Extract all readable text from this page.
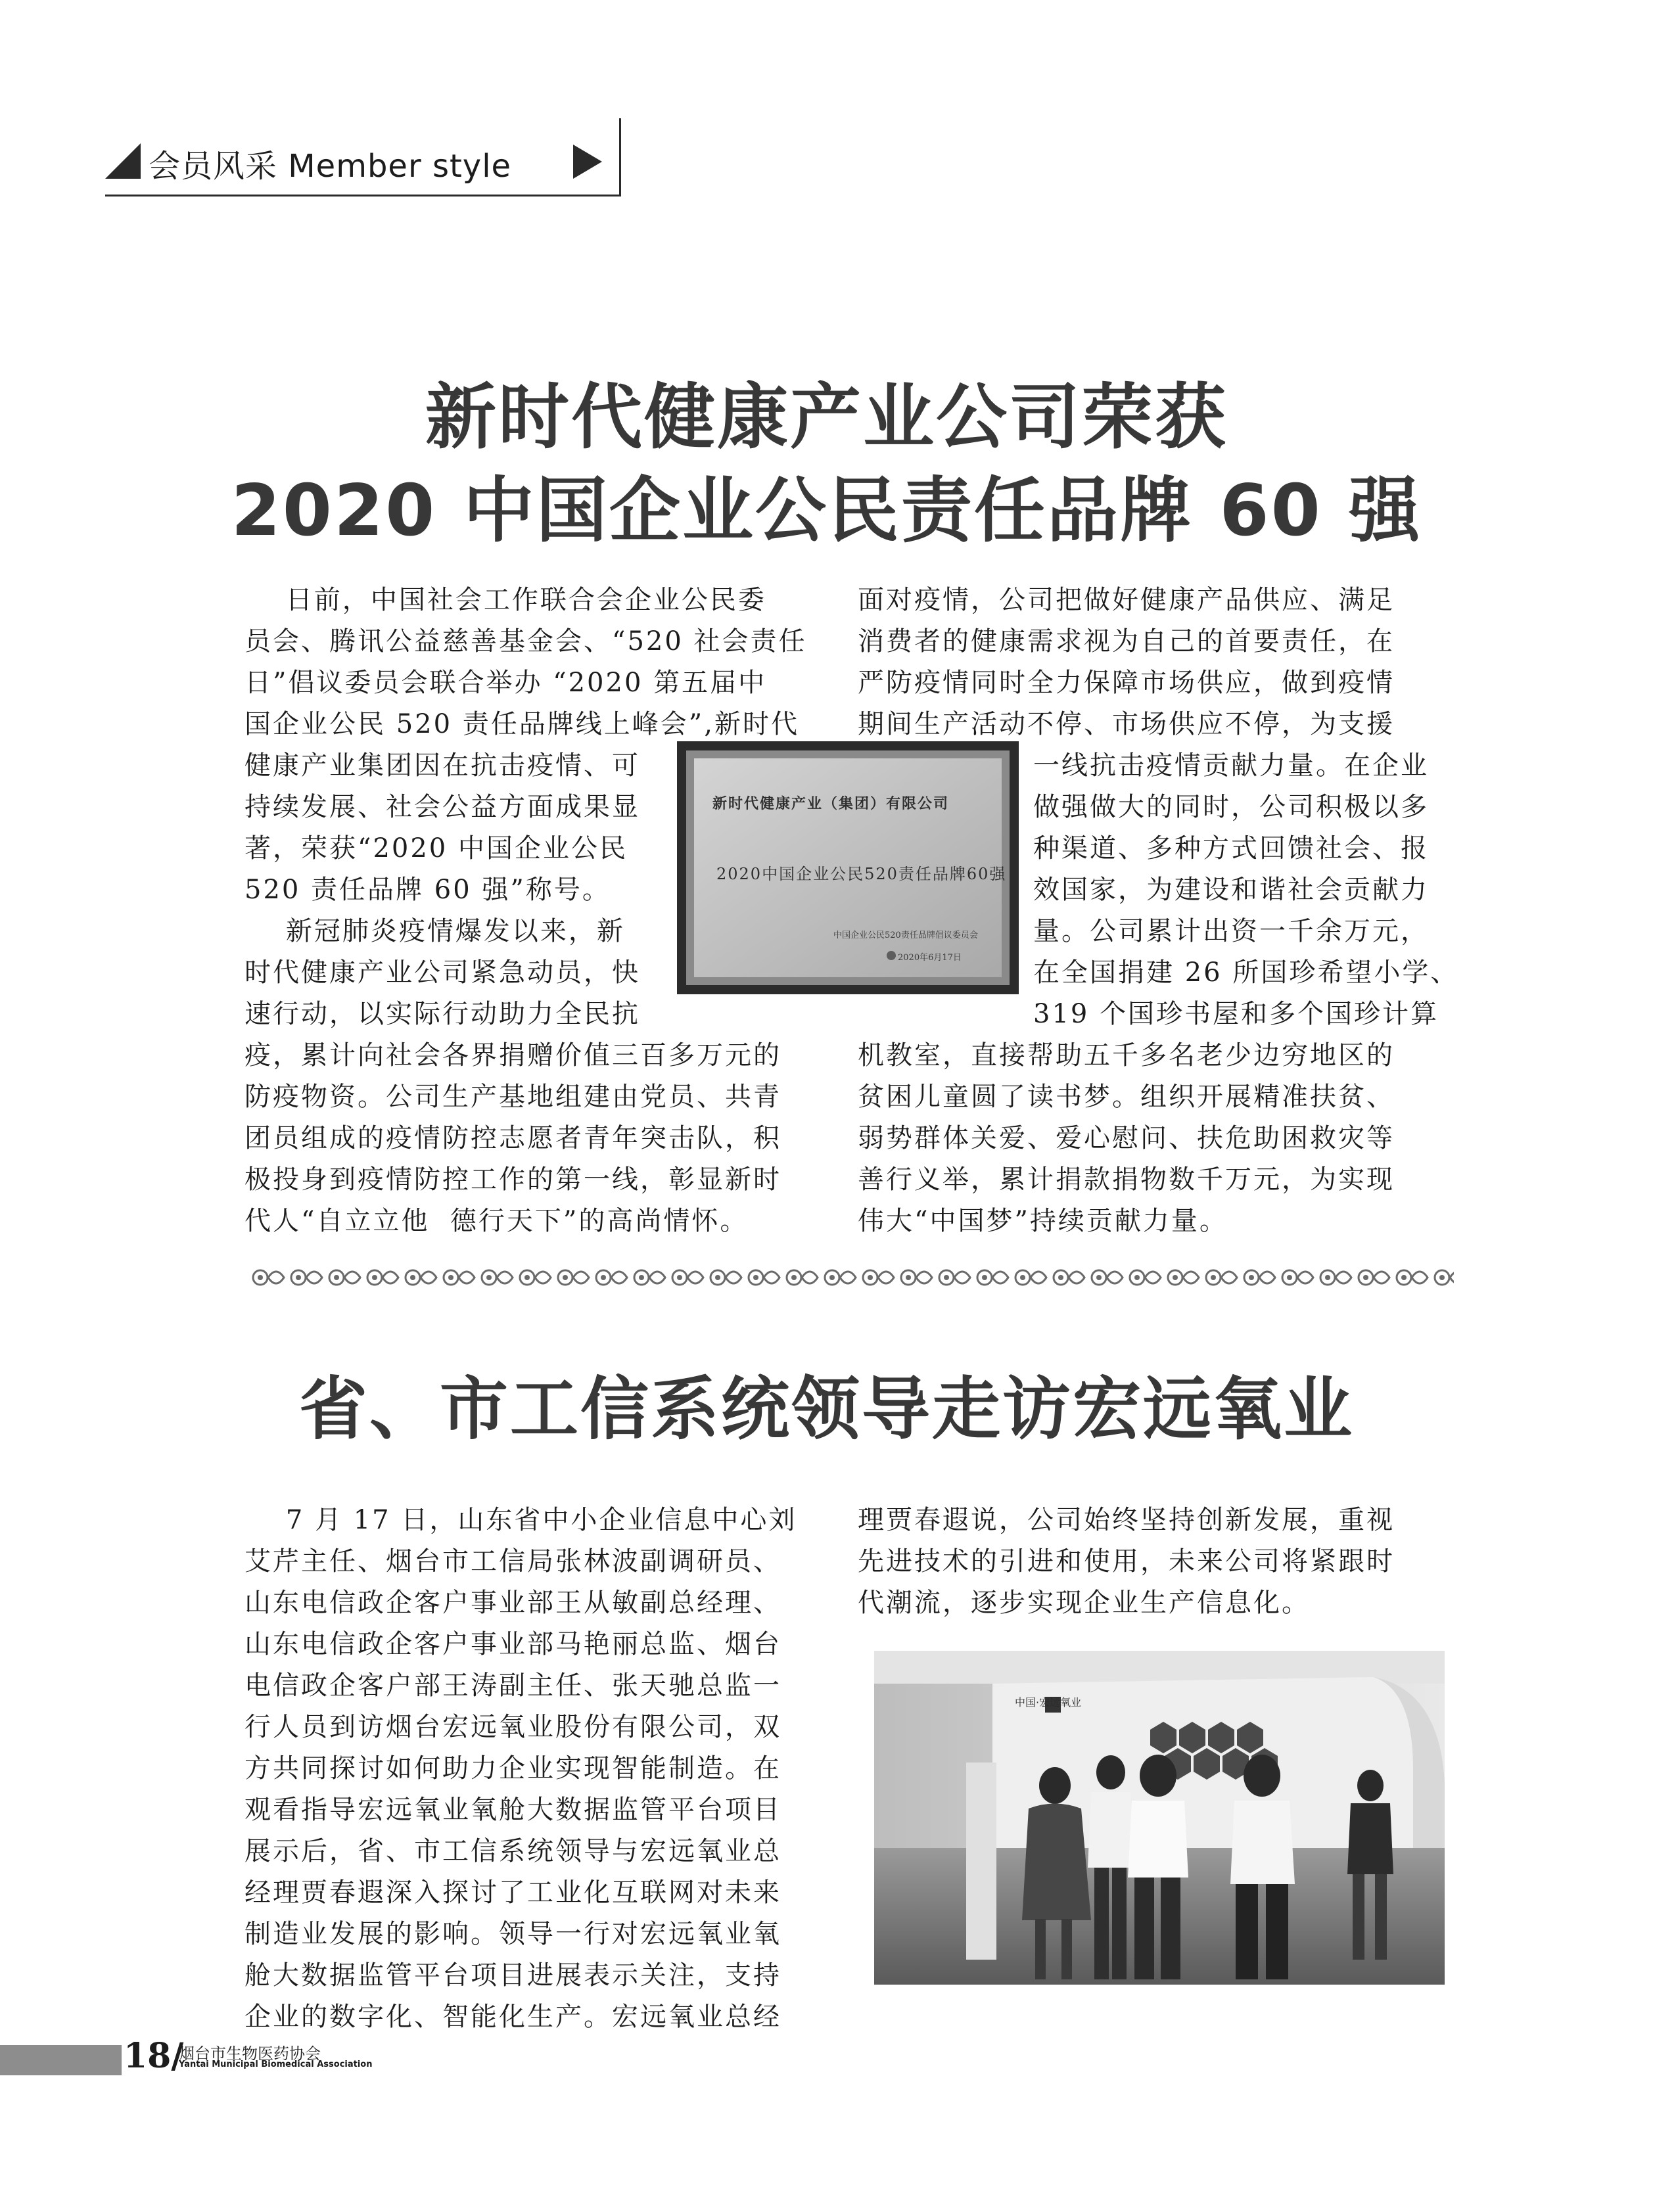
会员风采 Member style
新时代健康产业公司荣获
2020 中国企业公民责任品牌 60 强
日前，中国社会工作联合会企业公民委
员会、腾讯公益慈善基金会、“520 社会责任
日”倡议委员会联合举办 “2020 第五届中
国企业公民 520 责任品牌线上峰会”,新时代
健康产业集团因在抗击疫情、可
持续发展、社会公益方面成果显
著，荣获“2020 中国企业公民
520 责任品牌 60 强”称号。
新冠肺炎疫情爆发以来，新
时代健康产业公司紧急动员，快
速行动，以实际行动助力全民抗
疫，累计向社会各界捐赠价值三百多万元的
防疫物资。公司生产基地组建由党员、共青
团员组成的疫情防控志愿者青年突击队，积
极投身到疫情防控工作的第一线，彰显新时
代人“自立立他  德行天下”的高尚情怀。
面对疫情，公司把做好健康产品供应、满足
消费者的健康需求视为自己的首要责任，在
严防疫情同时全力保障市场供应，做到疫情
期间生产活动不停、市场供应不停，为支援
一线抗击疫情贡献力量。在企业
做强做大的同时，公司积极以多
种渠道、多种方式回馈社会、报
效国家，为建设和谐社会贡献力
量。公司累计出资一千余万元，
在全国捐建 26 所国珍希望小学、
319 个国珍书屋和多个国珍计算
机教室，直接帮助五千多名老少边穷地区的
贫困儿童圆了读书梦。组织开展精准扶贫、
弱势群体关爱、爱心慰问、扶危助困救灾等
善行义举，累计捐款捐物数千万元，为实现
伟大“中国梦”持续贡献力量。
新时代健康产业（集团）有限公司
2020中国企业公民520责任品牌60强
中国企业公民520责任品牌倡议委员会
2020年6月17日
省、市工信系统领导走访宏远氧业
7 月 17 日，山东省中小企业信息中心刘
艾芹主任、烟台市工信局张林波副调研员、
山东电信政企客户事业部王从敏副总经理、
山东电信政企客户事业部马艳丽总监、烟台
电信政企客户部王涛副主任、张天驰总监一
行人员到访烟台宏远氧业股份有限公司，双
方共同探讨如何助力企业实现智能制造。在
观看指导宏远氧业氧舱大数据监管平台项目
展示后，省、市工信系统领导与宏远氧业总
经理贾春遐深入探讨了工业化互联网对未来
制造业发展的影响。领导一行对宏远氧业氧
舱大数据监管平台项目进展表示关注，支持
企业的数字化、智能化生产。宏远氧业总经
理贾春遐说，公司始终坚持创新发展，重视
先进技术的引进和使用，未来公司将紧跟时
代潮流，逐步实现企业生产信息化。
中国·宏远氧业
18/
烟台市生物医药协会
Yantai Municipal Biomedical Association
